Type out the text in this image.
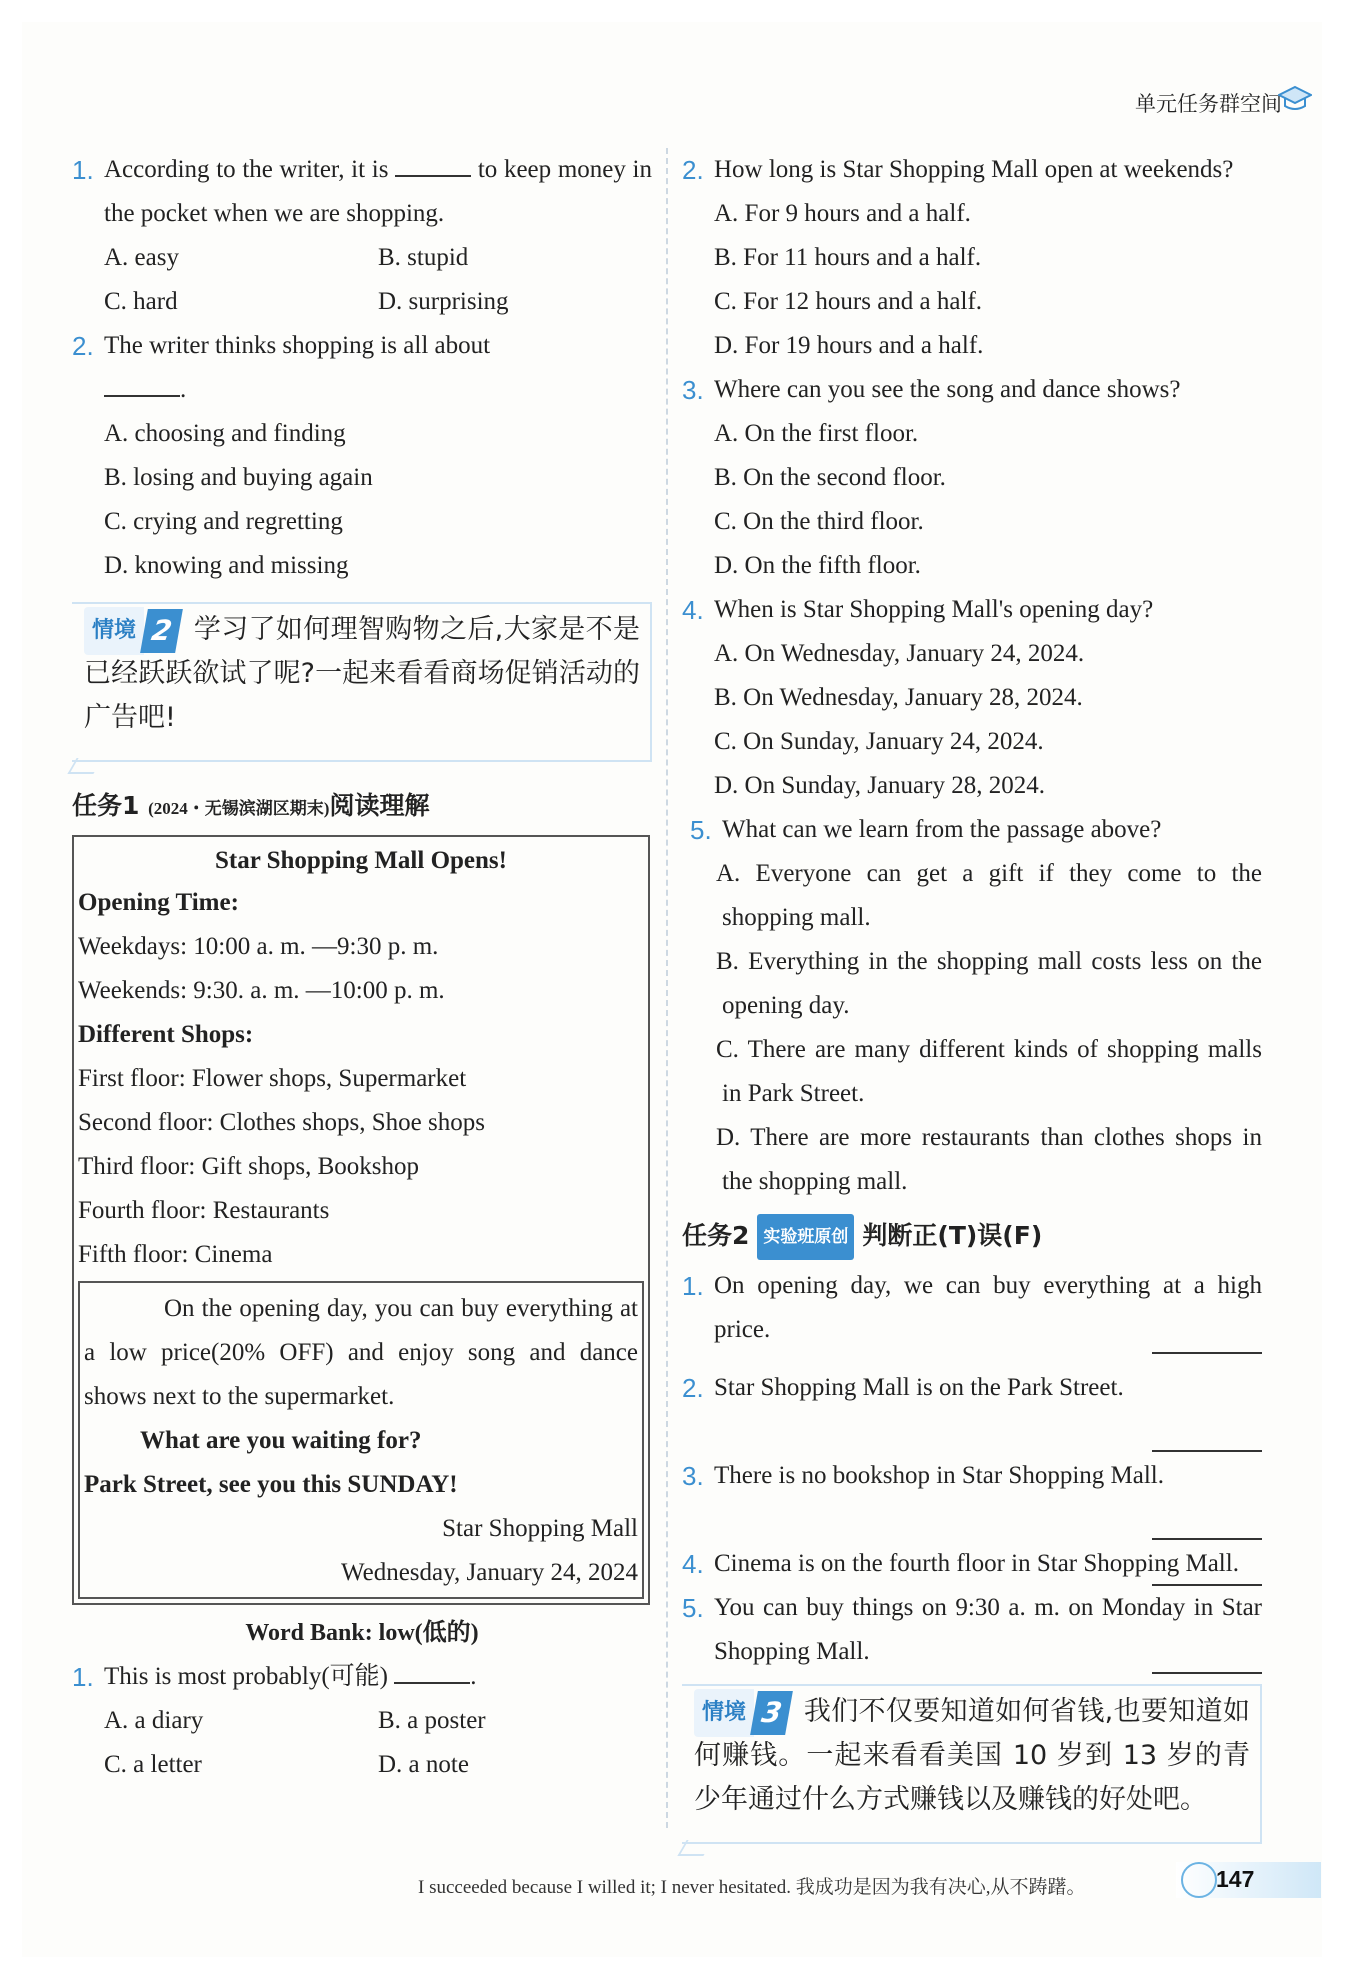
单元任务群空间
1. According to the writer, it is	to keep money in the pocket when we are shopping.
A. easy	B. stupid
C. hard	D. surprising
2. The writer thinks shopping is all about
.
A. choosing and finding
B. losing and buying again
C. crying and regretting
D. knowing and missing
情境 2 学习了如何理智购物之后,大家是不是已经跃跃欲试了呢?一起来看看商场促销活动的广告吧!
任务1 (2024・无锡滨湖区期末)阅读理解
Star Shopping Mall Opens!
Opening Time:
Weekdays: 10:00 a. m. —9:30 p. m.
Weekends: 9:30. a. m. —10:00 p. m.
Different Shops:
First floor: Flower shops, Supermarket
Second floor: Clothes shops, Shoe shops
Third floor: Gift shops, Bookshop
Fourth floor: Restaurants
Fifth floor: Cinema
On the opening day, you can buy everything at a low price(20% OFF) and enjoy song and dance shows next to the supermarket.
What are you waiting for?
Park Street, see you this SUNDAY!
Star Shopping Mall
Wednesday, January 24, 2024
Word Bank: low(低的)
1. This is most probably(可能)	.
A. a diary	B. a poster
C. a letter	D. a note
2. How long is Star Shopping Mall open at weekends?
A. For 9 hours and a half.
B. For 11 hours and a half.
C. For 12 hours and a half.
D. For 19 hours and a half.
3. Where can you see the song and dance shows?
A. On the first floor.
B. On the second floor.
C. On the third floor.
D. On the fifth floor.
4. When is Star Shopping Mall's opening day?
A. On Wednesday, January 24, 2024.
B. On Wednesday, January 28, 2024.
C. On Sunday, January 24, 2024.
D. On Sunday, January 28, 2024.
5. What can we learn from the passage above?
A. Everyone can get a gift if they come to the shopping mall.
B. Everything in the shopping mall costs less on the opening day.
C. There are many different kinds of shopping malls in Park Street.
D. There are more restaurants than clothes shops in the shopping mall.
任务2 实验班原创 判断正(T)误(F)
1. On opening day, we can buy everything at a high price.
2. Star Shopping Mall is on the Park Street.
3. There is no bookshop in Star Shopping Mall.
4. Cinema is on the fourth floor in Star Shopping Mall.
5. You can buy things on 9:30 a. m. on Monday in Star Shopping Mall.
情境 3 我们不仅要知道如何省钱,也要知道如何赚钱。一起来看看美国 10 岁到 13 岁的青少年通过什么方式赚钱以及赚钱的好处吧。
I succeeded because I willed it; I never hesitated. 我成功是因为我有决心,从不踌躇。	147
